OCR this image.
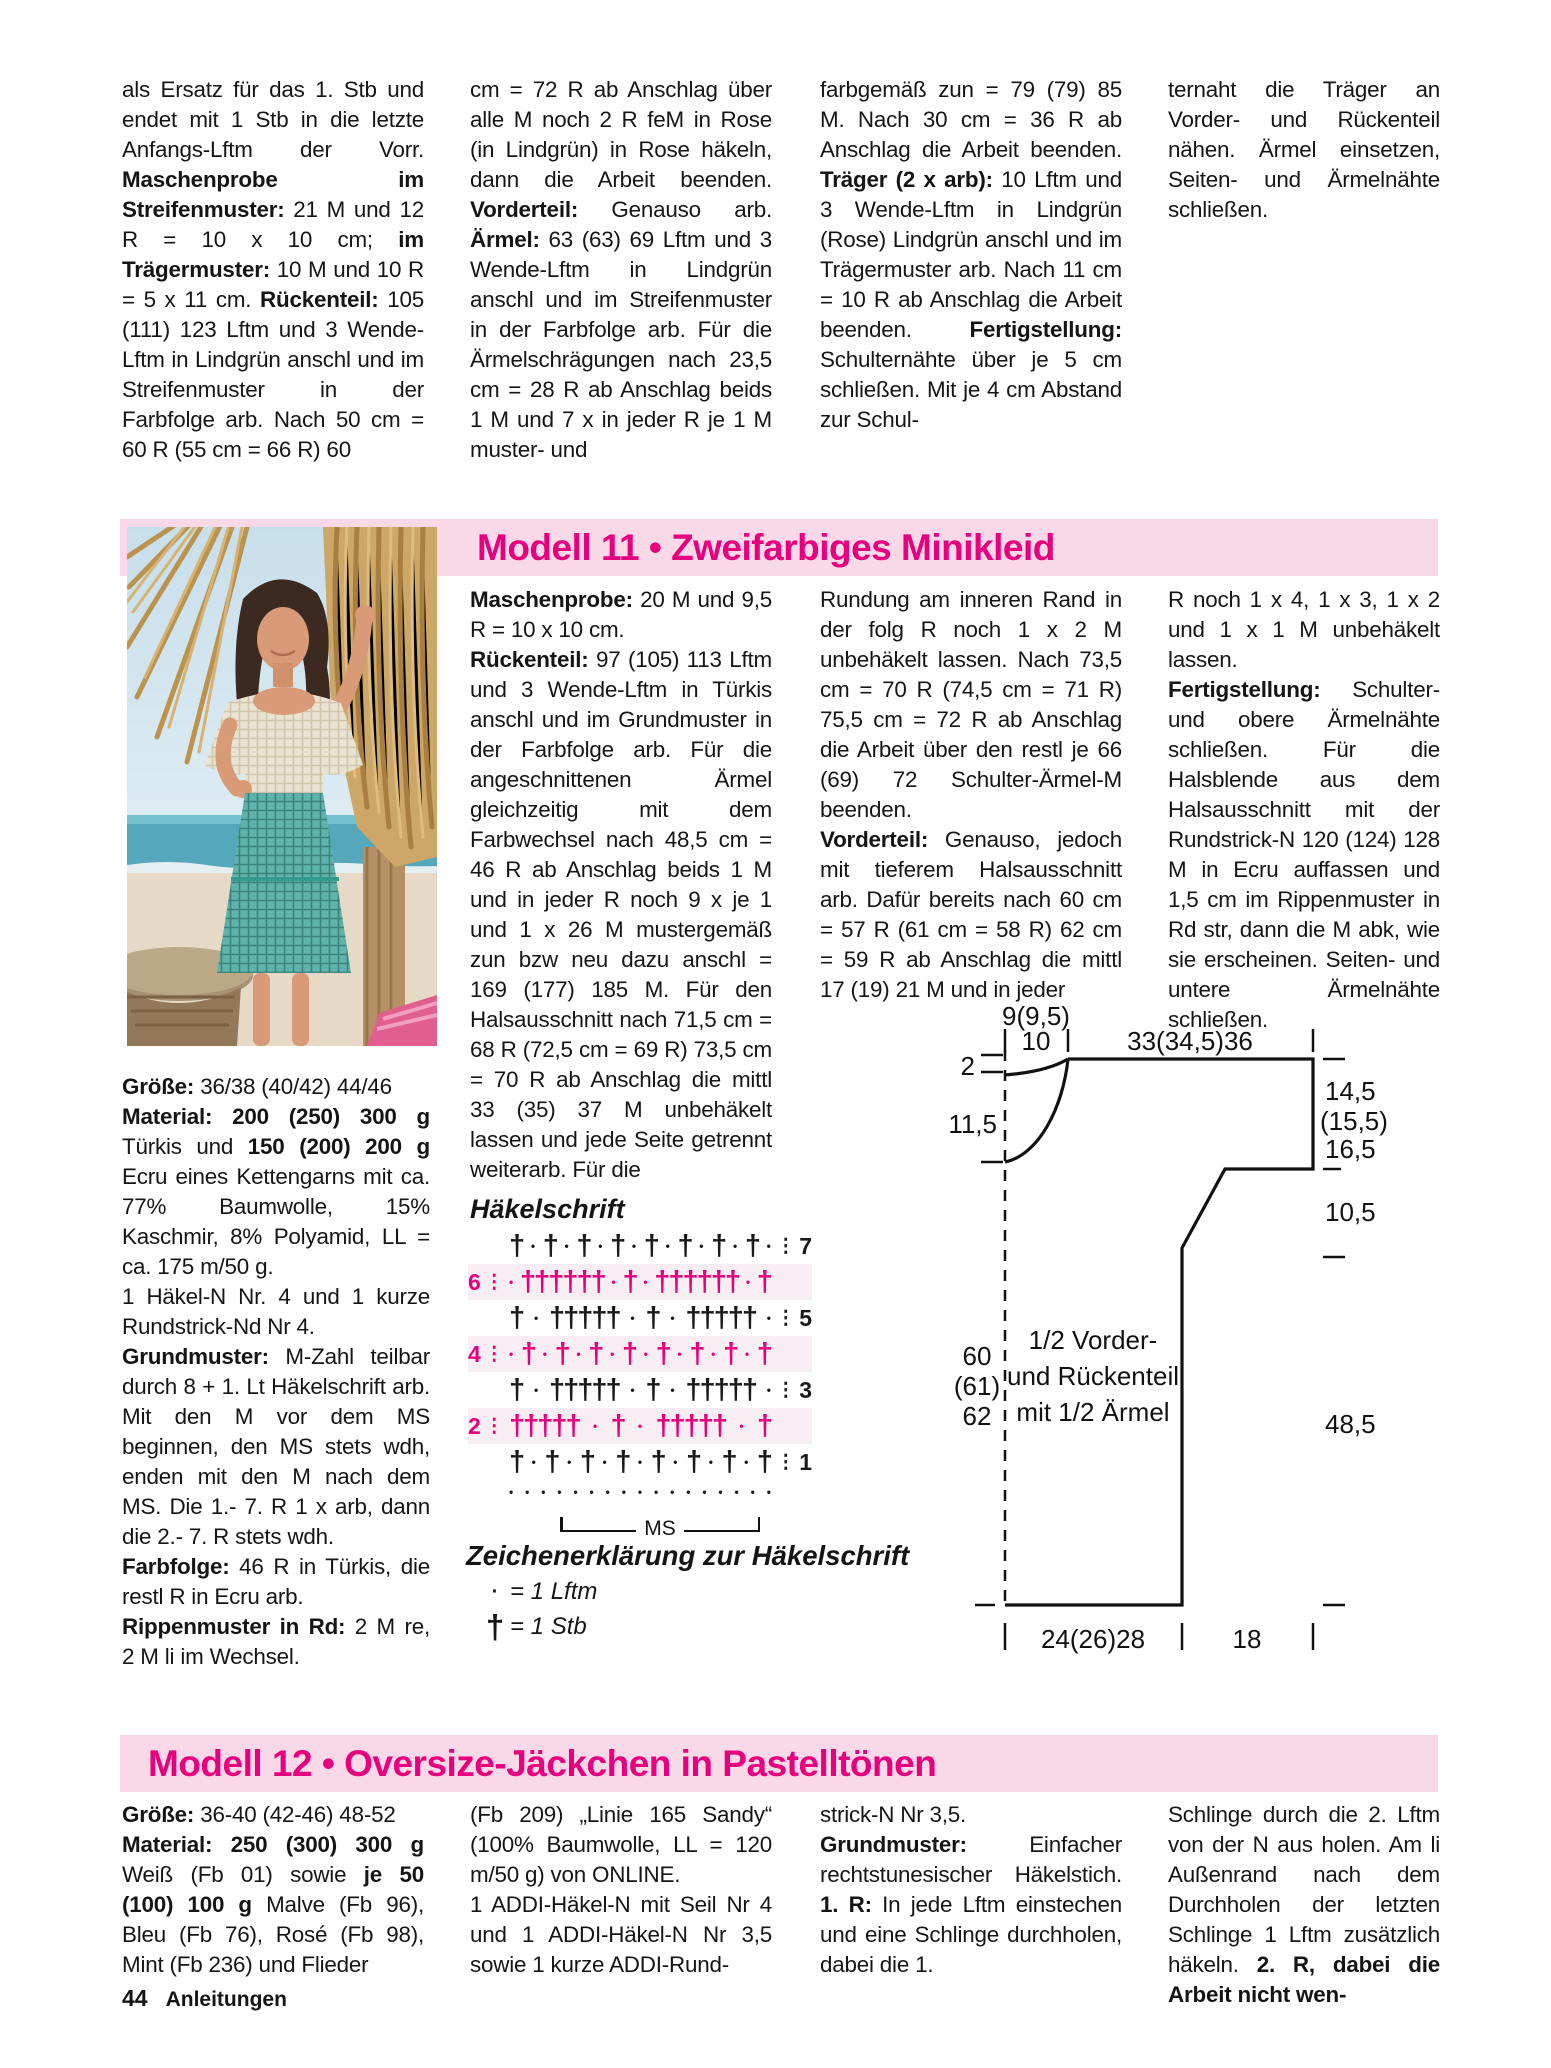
als Ersatz für das 1. Stb und endet mit 1 Stb in die letzte Anfangs-Lftm der Vorr. Maschenprobe im Streifenmuster: 21 M und 12 R = 10 x 10 cm; im Trägermuster: 10 M und 10 R = 5 x 11 cm. Rückenteil: 105 (111) 123 Lftm und 3 Wende-Lftm in Lindgrün anschl und im Streifenmuster in der Farbfolge arb. Nach 50 cm = 60 R (55 cm = 66 R) 60
cm = 72 R ab Anschlag über alle M noch 2 R feM in Rose (in Lindgrün) in Rose häkeln, dann die Arbeit beenden. Vorderteil: Genauso arb. Ärmel: 63 (63) 69 Lftm und 3 Wende-Lftm in Lindgrün anschl und im Streifenmuster in der Farbfolge arb. Für die Ärmelschrägungen nach 23,5 cm = 28 R ab Anschlag beids 1 M und 7 x in jeder R je 1 M muster- und
farbgemäß zun = 79 (79) 85 M. Nach 30 cm = 36 R ab Anschlag die Arbeit beenden. Träger (2 x arb): 10 Lftm und 3 Wende-Lftm in Lindgrün (Rose) Lindgrün anschl und im Trägermuster arb. Nach 11 cm = 10 R ab Anschlag die Arbeit beenden. Fertigstellung: Schulternähte über je 5 cm schließen. Mit je 4 cm Abstand zur Schul-
ternaht die Träger an Vorder- und Rückenteil nähen. Ärmel einsetzen, Seiten- und Ärmelnähte schließen.
Modell 11 • Zweifarbiges Minikleid
Größe: 36/38 (40/42) 44/46
Material: 200 (250) 300 g Türkis und 150 (200) 200 g Ecru eines Kettengarns mit ca. 77% Baumwolle, 15% Kaschmir, 8% Polyamid, LL = ca. 175 m/50 g.
1 Häkel-N Nr. 4 und 1 kurze Rundstrick-Nd Nr 4.
Grundmuster: M-Zahl teilbar durch 8 + 1. Lt Häkelschrift arb. Mit den M vor dem MS beginnen, den MS stets wdh, enden mit den M nach dem MS. Die 1.- 7. R 1 x arb, dann die 2.- 7. R stets wdh.
Farbfolge: 46 R in Türkis, die restl R in Ecru arb.
Rippenmuster in Rd: 2 M re, 2 M li im Wechsel.
Maschenprobe: 20 M und 9,5 R = 10 x 10 cm.
Rückenteil: 97 (105) 113 Lftm und 3 Wende-Lftm in Türkis anschl und im Grundmuster in der Farbfolge arb. Für die angeschnittenen Ärmel gleichzeitig mit dem Farbwechsel nach 48,5 cm = 46 R ab Anschlag beids 1 M und in jeder R noch 9 x je 1 und 1 x 26 M mustergemäß zun bzw neu dazu anschl = 169 (177) 185 M. Für den Halsausschnitt nach 71,5 cm = 68 R (72,5 cm = 69 R) 73,5 cm = 70 R ab Anschlag die mittl 33 (35) 37 M unbehäkelt lassen und jede Seite getrennt weiterarb. Für die
Rundung am inneren Rand in der folg R noch 1 x 2 M unbehäkelt lassen. Nach 73,5 cm = 70 R (74,5 cm = 71 R) 75,5 cm = 72 R ab Anschlag die Arbeit über den restl je 66 (69) 72 Schulter-Ärmel-M beenden.
Vorderteil: Genauso, jedoch mit tieferem Halsausschnitt arb. Dafür bereits nach 60 cm = 57 R (61 cm = 58 R) 62 cm = 59 R ab Anschlag die mittl 17 (19) 21 M und in jeder
R noch 1 x 4, 1 x 3, 1 x 2 und 1 x 1 M unbehäkelt lassen.
Fertigstellung: Schulter- und obere Ärmelnähte schließen. Für die Halsblende aus dem Halsausschnitt mit der Rundstrick-N 120 (124) 128 M in Ecru auffassen und 1,5 cm im Rippenmuster in Rd str, dann die M abk, wie sie erscheinen. Seiten- und untere Ärmelnähte schließen.
Häkelschrift
† • † • † • † • † • † • † • † • ⋮ 7
6 ⋮ • †††††† • † • †††††† • †
† • ††††† • † • ††††† • ⋮ 5
4 ⋮ • † • † • † • † • † • † • † • †
† • ††††† • † • ††††† • ⋮ 3
2 ⋮ ††††† • † • ††††† • †
† • † • † • † • † • † • † • † ⋮ 1
• • • • • • • • • • • • • • • • •
MS
Zeichenerklärung zur Häkelschrift
· = 1 Lftm
† = 1 Stb
9(9,5)
10	33(34,5)36
2
11,5
14,5
(15,5)
16,5
10,5
60
(61)
62
1/2 Vorder-
und Rückenteil
mit 1/2 Ärmel	48,5
24(26)28	18
Modell 12 • Oversize-Jäckchen in Pastelltönen
Größe: 36-40 (42-46) 48-52
Material: 250 (300) 300 g Weiß (Fb 01) sowie je 50 (100) 100 g Malve (Fb 96), Bleu (Fb 76), Rosé (Fb 98), Mint (Fb 236) und Flieder
(Fb 209) „Linie 165 Sandy“ (100% Baumwolle, LL = 120 m/50 g) von ONLINE.
1 ADDI-Häkel-N mit Seil Nr 4 und 1 ADDI-Häkel-N Nr 3,5 sowie 1 kurze ADDI-Rund-
strick-N Nr 3,5.
Grundmuster: Einfacher rechtstunesischer Häkelstich. 1. R: In jede Lftm einstechen und eine Schlinge durchholen, dabei die 1.
Schlinge durch die 2. Lftm von der N aus holen. Am li Außenrand nach dem Durchholen der letzten Schlinge 1 Lftm zusätzlich häkeln. 2. R, dabei die Arbeit nicht wen-
44 Anleitungen
